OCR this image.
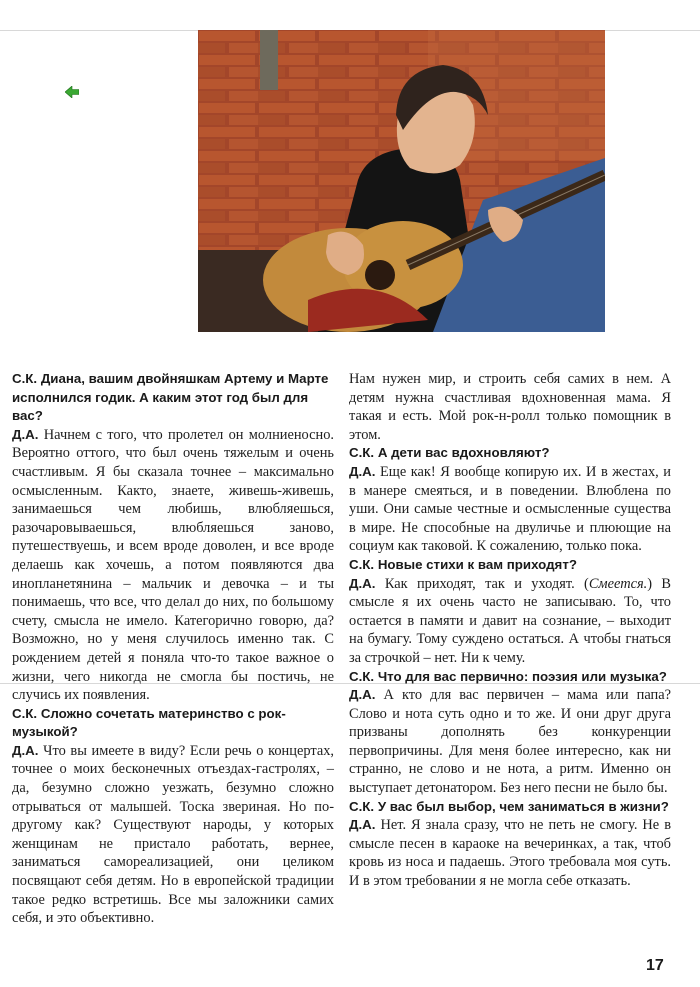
С.К. Диана, вашим двойняшкам Артему и Марте исполнился годик. А каким этот год был для вас?

Д.А. Начнем с того, что пролетел он молниеносно. Вероятно оттого, что был очень тяжелым и очень счастливым. Я бы сказала точнее – максимально осмысленным. Както, знаете, живешь-живешь, занимаешься чем любишь, влюбляешься, разочаровываешься, влюбляешься заново, путешествуешь, и всем вроде доволен, и все вроде делаешь как хочешь, а потом появляются два инопланетянина – мальчик и девочка – и ты понимаешь, что все, что делал до них, по большому счету, смысла не имело. Категорично говорю, да? Возможно, но у меня случилось именно так. С рождением детей я поняла что-то такое важное о жизни, чего никогда не смогла бы постичь, не случись их появления.

С.К. Сложно сочетать материнство с рок-музыкой?

Д.А. Что вы имеете в виду? Если речь о концертах, точнее о моих бесконечных отъездах-гастролях, – да, безумно сложно уезжать, безумно сложно отрываться от малышей. Тоска звериная. Но по-другому как? Существуют народы, у которых женщинам не пристало работать, вернее, заниматься самореализацией, они целиком посвящают себя детям. Но в европейской традиции такое редко встретишь. Все мы заложники самих себя, и это объективно.

Нам нужен мир, и строить себя самих в нем. А детям нужна счастливая вдохновенная мама. Я такая и есть. Мой рок-н-ролл только помощник в этом.

С.К. А дети вас вдохновляют?

Д.А. Еще как! Я вообще копирую их. И в жестах, и в манере смеяться, и в поведении. Влюблена по уши. Они самые честные и осмысленные существа в мире. Не способные на двуличье и плюющие на социум как таковой. К сожалению, только пока.

С.К. Новые стихи к вам приходят?

Д.А. Как приходят, так и уходят. (Смеется.) В смысле я их очень часто не записываю. То, что остается в памяти и давит на сознание, – выходит на бумагу. Тому суждено остаться. А чтобы гнаться за строчкой – нет. Ни к чему.

С.К. Что для вас первично: поэзия или музыка?

Д.А. А кто для вас первичен – мама или папа? Слово и нота суть одно и то же. И они друг друга призваны дополнять без конкуренции первопричины. Для меня более интересно, как ни странно, не слово и не нота, а ритм. Именно он выступает детонатором. Без него песни не было бы.

С.К. У вас был выбор, чем заниматься в жизни?

Д.А. Нет. Я знала сразу, что не петь не смогу. Не в смысле песен в караоке на вечеринках, а так, чтоб кровь из носа и падаешь. Этого требовала моя суть. И в этом требовании я не могла себе отказать.

17
